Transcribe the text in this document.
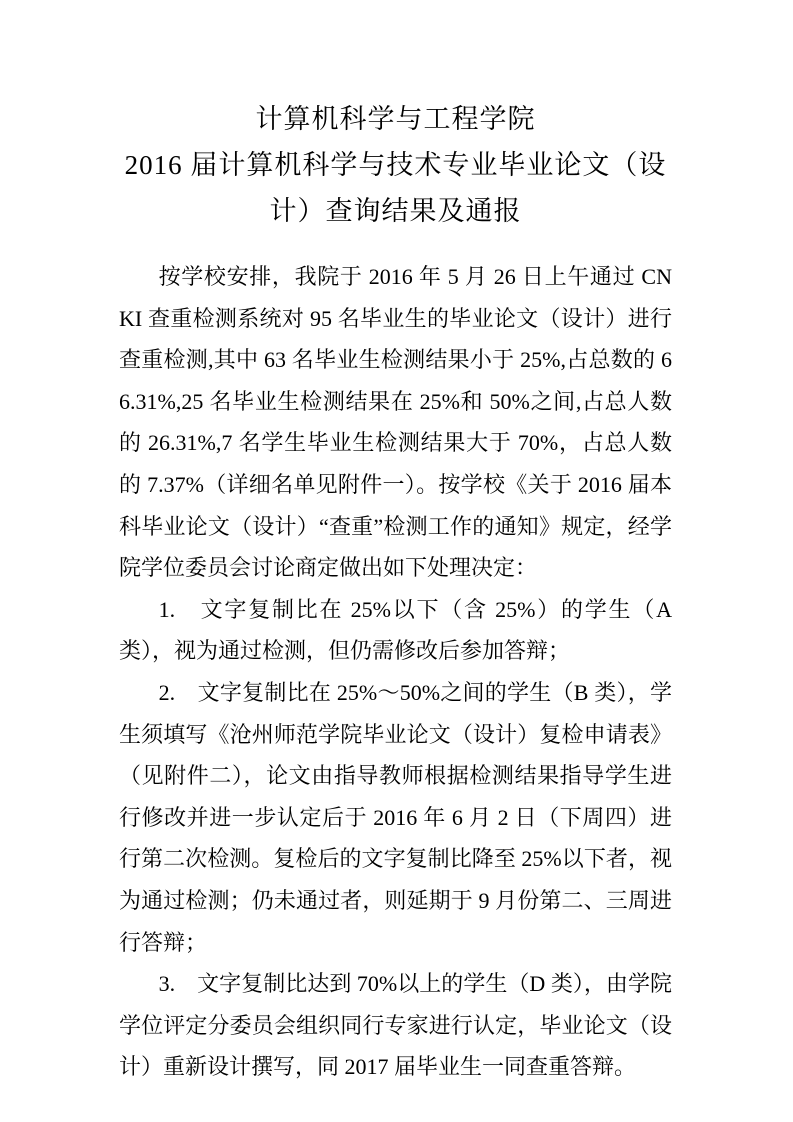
计算机科学与工程学院
2016 届计算机科学与技术专业毕业论文（设计）查询结果及通报

按学校安排，我院于 2016 年 5 月 26 日上午通过 CNKI 查重检测系统对 95 名毕业生的毕业论文（设计）进行查重检测,其中 63 名毕业生检测结果小于 25%,占总数的 66.31%,25 名毕业生检测结果在 25%和 50%之间,占总人数的 26.31%,7 名学生毕业生检测结果大于 70%，占总人数的 7.37%（详细名单见附件一）。按学校《关于 2016 届本科毕业论文（设计）“查重”检测工作的通知》规定，经学院学位委员会讨论商定做出如下处理决定：

1.　文字复制比在 25%以下（含 25%）的学生（A 类），视为通过检测，但仍需修改后参加答辩；

2.　文字复制比在 25%～50%之间的学生（B 类），学生须填写《沧州师范学院毕业论文（设计）复检申请表》（见附件二），论文由指导教师根据检测结果指导学生进行修改并进一步认定后于 2016 年 6 月 2 日（下周四）进行第二次检测。复检后的文字复制比降至 25%以下者，视为通过检测；仍未通过者，则延期于 9 月份第二、三周进行答辩；

3.　文字复制比达到 70%以上的学生（D 类），由学院学位评定分委员会组织同行专家进行认定，毕业论文（设计）重新设计撰写，同 2017 届毕业生一同查重答辩。
